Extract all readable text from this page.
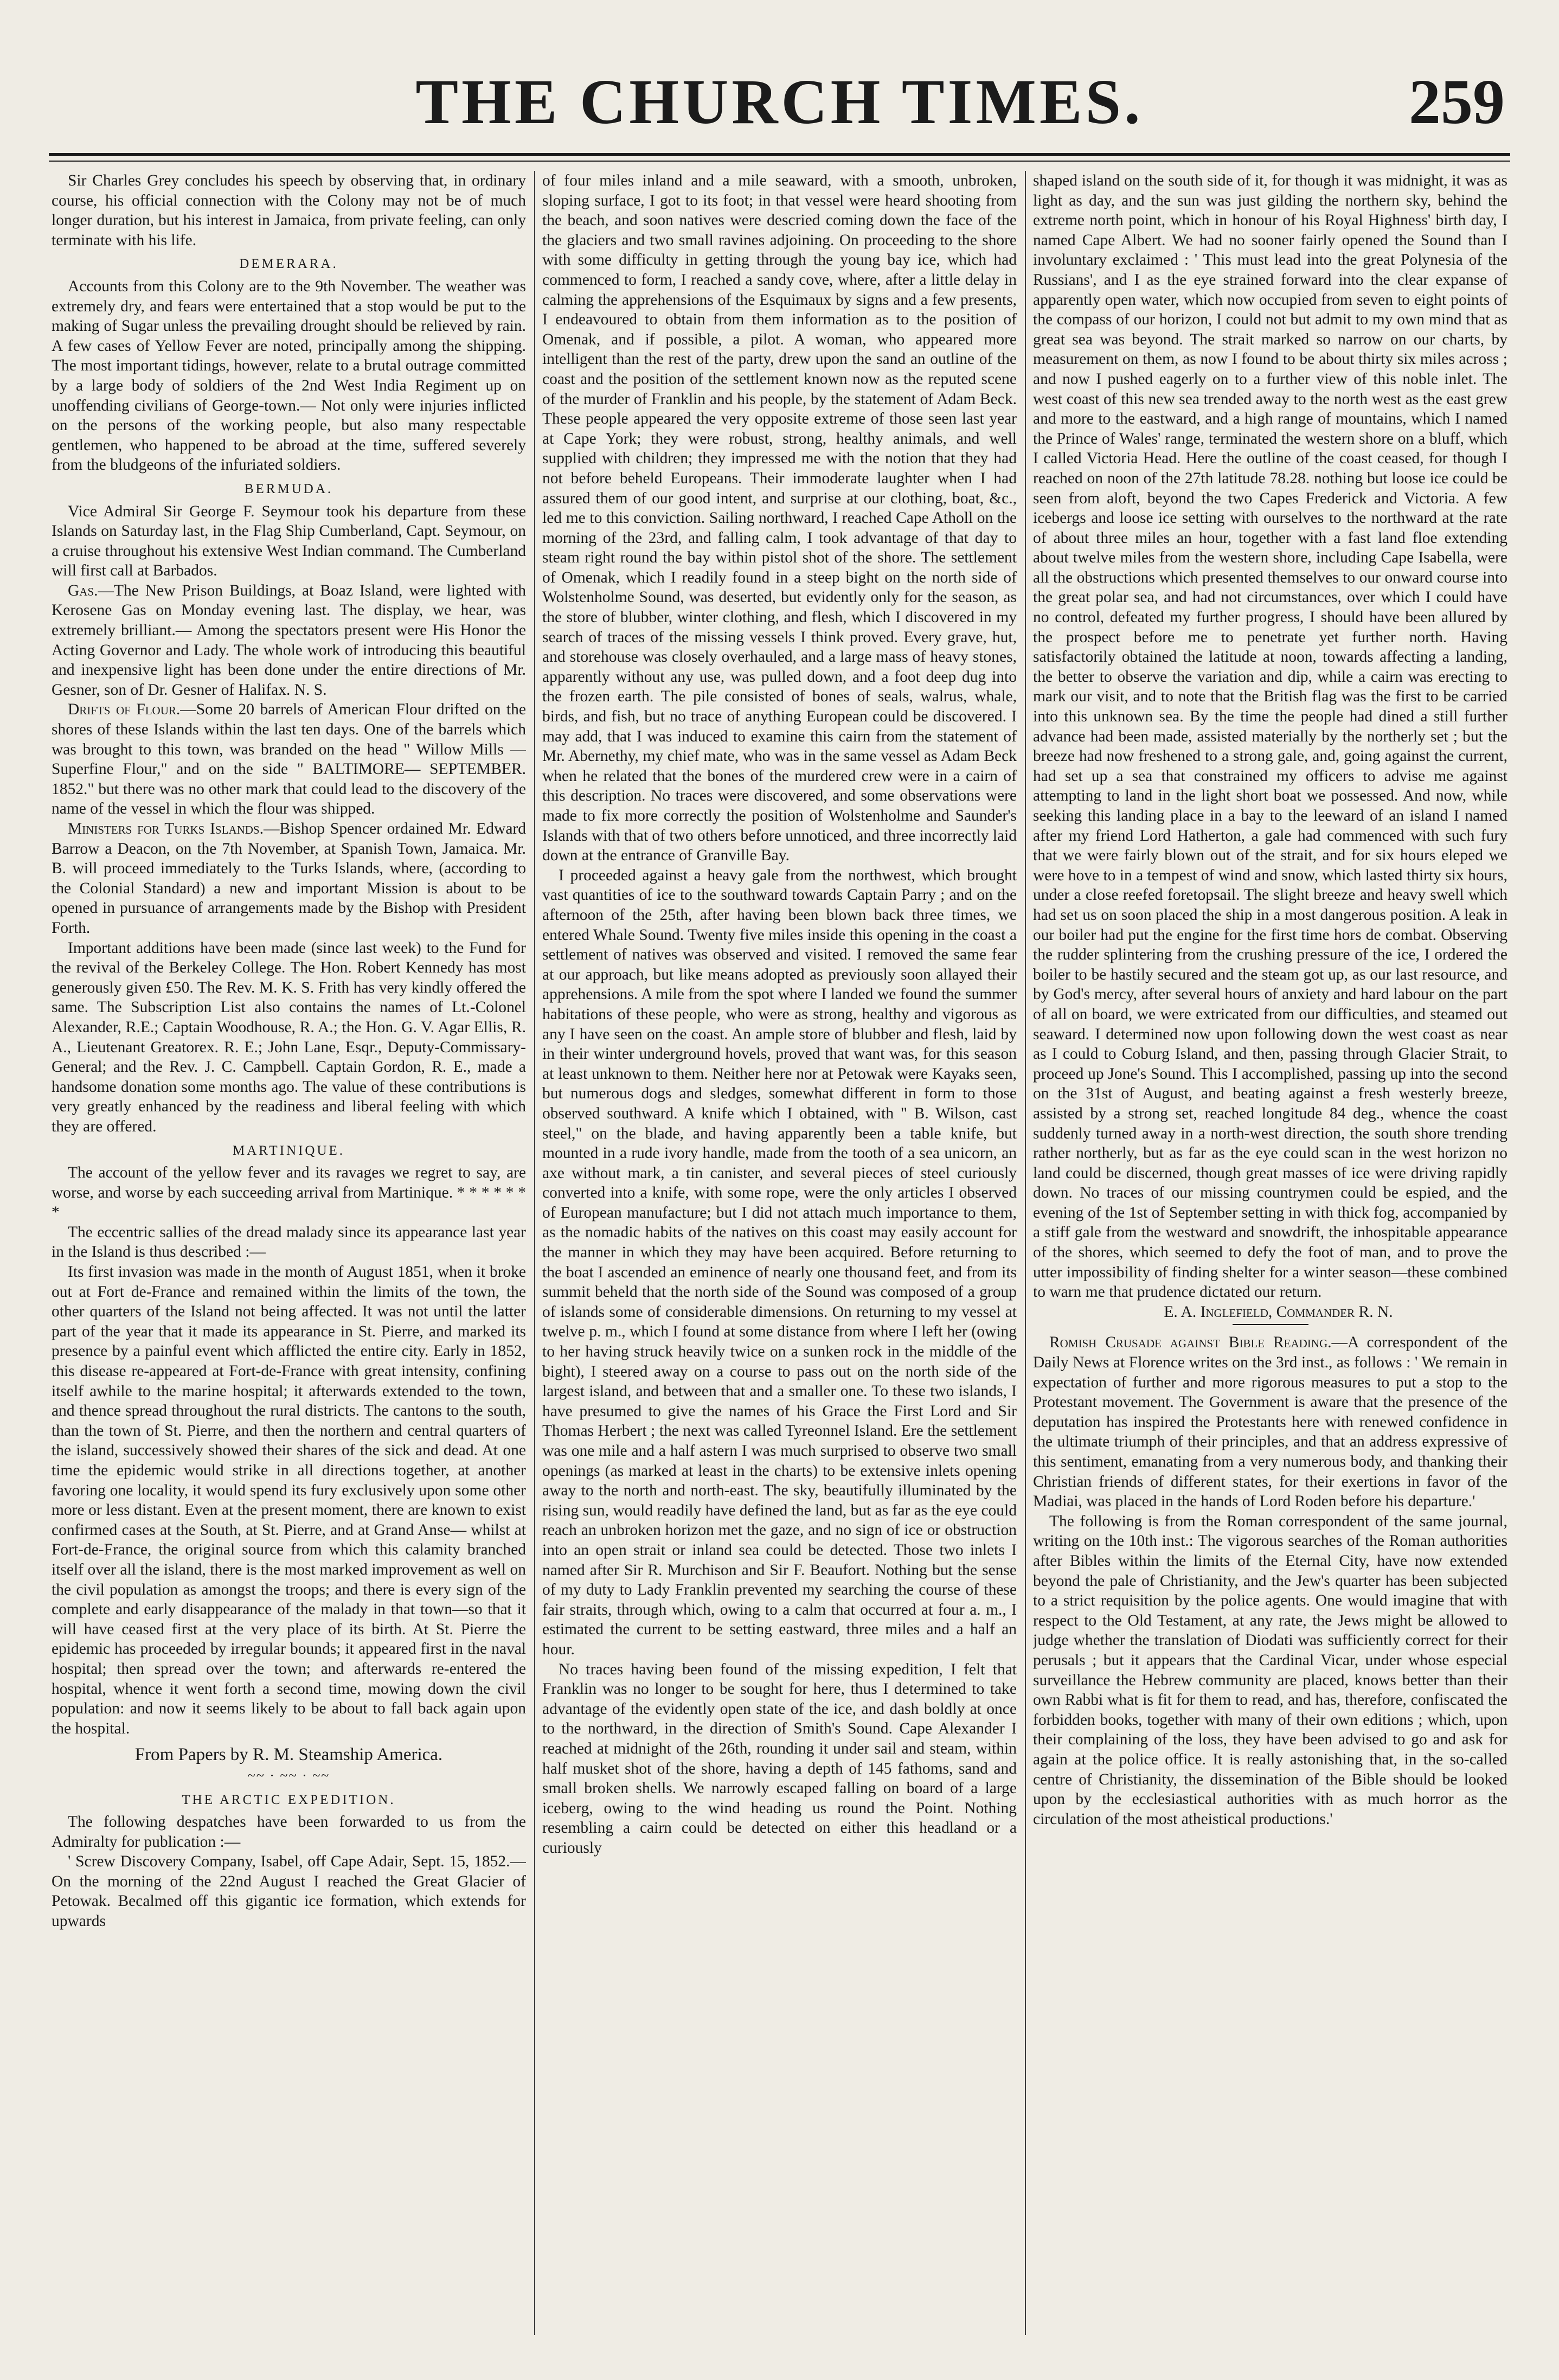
THE CHURCH TIMES.	259

Sir Charles Grey concludes his speech by observing that, in ordinary course, his official connection with the Colony may not be of much longer duration, but his interest in Jamaica, from private feeling, can only terminate with his life.

DEMERARA.

Accounts from this Colony are to the 9th November. The weather was extremely dry, and fears were entertained that a stop would be put to the making of Sugar unless the prevailing drought should be relieved by rain. A few cases of Yellow Fever are noted, principally among the shipping. The most important tidings, however, relate to a brutal outrage committed by a large body of soldiers of the 2nd West India Regiment up on unoffending civilians of George-town.— Not only were injuries inflicted on the persons of the working people, but also many respectable gentlemen, who happened to be abroad at the time, suffered severely from the bludgeons of the infuriated soldiers.

BERMUDA.

Vice Admiral Sir George F. Seymour took his departure from these Islands on Saturday last, in the Flag Ship Cumberland, Capt. Seymour, on a cruise throughout his extensive West Indian command. The Cumberland will first call at Barbados.

Gas.—The New Prison Buildings, at Boaz Island, were lighted with Kerosene Gas on Monday evening last. The display, we hear, was extremely brilliant.— Among the spectators present were His Honor the Acting Governor and Lady. The whole work of introducing this beautiful and inexpensive light has been done under the entire directions of Mr. Gesner, son of Dr. Gesner of Halifax. N. S.

Drifts of Flour.—Some 20 barrels of American Flour drifted on the shores of these Islands within the last ten days. One of the barrels which was brought to this town, was branded on the head " Willow Mills —Superfine Flour," and on the side " BALTIMORE— SEPTEMBER. 1852." but there was no other mark that could lead to the discovery of the name of the vessel in which the flour was shipped.

Ministers for Turks Islands.—Bishop Spencer ordained Mr. Edward Barrow a Deacon, on the 7th November, at Spanish Town, Jamaica. Mr. B. will proceed immediately to the Turks Islands, where, (according to the Colonial Standard) a new and important Mission is about to be opened in pursuance of arrangements made by the Bishop with President Forth.

Important additions have been made (since last week) to the Fund for the revival of the Berkeley College. The Hon. Robert Kennedy has most generously given £50. The Rev. M. K. S. Frith has very kindly offered the same. The Subscription List also contains the names of Lt.-Colonel Alexander, R.E.; Captain Woodhouse, R. A.; the Hon. G. V. Agar Ellis, R. A., Lieutenant Greatorex. R. E.; John Lane, Esqr., Deputy-Commissary-General; and the Rev. J. C. Campbell. Captain Gordon, R. E., made a handsome donation some months ago. The value of these contributions is very greatly enhanced by the readiness and liberal feeling with which they are offered.

MARTINIQUE.

The account of the yellow fever and its ravages we regret to say, are worse, and worse by each succeeding arrival from Martinique. * * * * * * *

The eccentric sallies of the dread malady since its appearance last year in the Island is thus described :—

Its first invasion was made in the month of August 1851, when it broke out at Fort de-France and remained within the limits of the town, the other quarters of the Island not being affected. It was not until the latter part of the year that it made its appearance in St. Pierre, and marked its presence by a painful event which afflicted the entire city. Early in 1852, this disease re-appeared at Fort-de-France with great intensity, confining itself awhile to the marine hospital; it afterwards extended to the town, and thence spread throughout the rural districts. The cantons to the south, than the town of St. Pierre, and then the northern and central quarters of the island, successively showed their shares of the sick and dead. At one time the epidemic would strike in all directions together, at another favoring one locality, it would spend its fury exclusively upon some other more or less distant. Even at the present moment, there are known to exist confirmed cases at the South, at St. Pierre, and at Grand Anse— whilst at Fort-de-France, the original source from which this calamity branched itself over all the island, there is the most marked improvement as well on the civil population as amongst the troops; and there is every sign of the complete and early disappearance of the malady in that town—so that it will have ceased first at the very place of its birth. At St. Pierre the epidemic has proceeded by irregular bounds; it appeared first in the naval hospital; then spread over the town; and afterwards re-entered the hospital, whence it went forth a second time, mowing down the civil population: and now it seems likely to be about to fall back again upon the hospital.

From Papers by R. M. Steamship America.

~~ · ~~ · ~~
THE ARCTIC EXPEDITION.

The following despatches have been forwarded to us from the Admiralty for publication :—

' Screw Discovery Company, Isabel, off Cape Adair, Sept. 15, 1852.—On the morning of the 22nd August I reached the Great Glacier of Petowak. Becalmed off this gigantic ice formation, which extends for upwards

of four miles inland and a mile seaward, with a smooth, unbroken, sloping surface, I got to its foot; in that vessel were heard shooting from the beach, and soon natives were descried coming down the face of the the glaciers and two small ravines adjoining. On proceeding to the shore with some difficulty in getting through the young bay ice, which had commenced to form, I reached a sandy cove, where, after a little delay in calming the apprehensions of the Esquimaux by signs and a few presents, I endeavoured to obtain from them information as to the position of Omenak, and if possible, a pilot. A woman, who appeared more intelligent than the rest of the party, drew upon the sand an outline of the coast and the position of the settlement known now as the reputed scene of the murder of Franklin and his people, by the statement of Adam Beck. These people appeared the very opposite extreme of those seen last year at Cape York; they were robust, strong, healthy animals, and well supplied with children; they impressed me with the notion that they had not before beheld Europeans. Their immoderate laughter when I had assured them of our good intent, and surprise at our clothing, boat, &c., led me to this conviction. Sailing northward, I reached Cape Atholl on the morning of the 23rd, and falling calm, I took advantage of that day to steam right round the bay within pistol shot of the shore. The settlement of Omenak, which I readily found in a steep bight on the north side of Wolstenholme Sound, was deserted, but evidently only for the season, as the store of blubber, winter clothing, and flesh, which I discovered in my search of traces of the missing vessels I think proved. Every grave, hut, and storehouse was closely overhauled, and a large mass of heavy stones, apparently without any use, was pulled down, and a foot deep dug into the frozen earth. The pile consisted of bones of seals, walrus, whale, birds, and fish, but no trace of anything European could be discovered. I may add, that I was induced to examine this cairn from the statement of Mr. Abernethy, my chief mate, who was in the same vessel as Adam Beck when he related that the bones of the murdered crew were in a cairn of this description. No traces were discovered, and some observations were made to fix more correctly the position of Wolstenholme and Saunder's Islands with that of two others before unnoticed, and three incorrectly laid down at the entrance of Granville Bay.

I proceeded against a heavy gale from the northwest, which brought vast quantities of ice to the southward towards Captain Parry ; and on the afternoon of the 25th, after having been blown back three times, we entered Whale Sound. Twenty five miles inside this opening in the coast a settlement of natives was observed and visited. I removed the same fear at our approach, but like means adopted as previously soon allayed their apprehensions. A mile from the spot where I landed we found the summer habitations of these people, who were as strong, healthy and vigorous as any I have seen on the coast. An ample store of blubber and flesh, laid by in their winter underground hovels, proved that want was, for this season at least unknown to them. Neither here nor at Petowak were Kayaks seen, but numerous dogs and sledges, somewhat different in form to those observed southward. A knife which I obtained, with " B. Wilson, cast steel," on the blade, and having apparently been a table knife, but mounted in a rude ivory handle, made from the tooth of a sea unicorn, an axe without mark, a tin canister, and several pieces of steel curiously converted into a knife, with some rope, were the only articles I observed of European manufacture; but I did not attach much importance to them, as the nomadic habits of the natives on this coast may easily account for the manner in which they may have been acquired. Before returning to the boat I ascended an eminence of nearly one thousand feet, and from its summit beheld that the north side of the Sound was composed of a group of islands some of considerable dimensions. On returning to my vessel at twelve p. m., which I found at some distance from where I left her (owing to her having struck heavily twice on a sunken rock in the middle of the bight), I steered away on a course to pass out on the north side of the largest island, and between that and a smaller one. To these two islands, I have presumed to give the names of his Grace the First Lord and Sir Thomas Herbert ; the next was called Tyreonnel Island. Ere the settlement was one mile and a half astern I was much surprised to observe two small openings (as marked at least in the charts) to be extensive inlets opening away to the north and north-east. The sky, beautifully illuminated by the rising sun, would readily have defined the land, but as far as the eye could reach an unbroken horizon met the gaze, and no sign of ice or obstruction into an open strait or inland sea could be detected. Those two inlets I named after Sir R. Murchison and Sir F. Beaufort. Nothing but the sense of my duty to Lady Franklin prevented my searching the course of these fair straits, through which, owing to a calm that occurred at four a. m., I estimated the current to be setting eastward, three miles and a half an hour.

No traces having been found of the missing expedition, I felt that Franklin was no longer to be sought for here, thus I determined to take advantage of the evidently open state of the ice, and dash boldly at once to the northward, in the direction of Smith's Sound. Cape Alexander I reached at midnight of the 26th, rounding it under sail and steam, within half musket shot of the shore, having a depth of 145 fathoms, sand and small broken shells. We narrowly escaped falling on board of a large iceberg, owing to the wind heading us round the Point. Nothing resembling a cairn could be detected on either this headland or a curiously

shaped island on the south side of it, for though it was midnight, it was as light as day, and the sun was just gilding the northern sky, behind the extreme north point, which in honour of his Royal Highness' birth day, I named Cape Albert. We had no sooner fairly opened the Sound than I involuntary exclaimed : ' This must lead into the great Polynesia of the Russians', and I as the eye strained forward into the clear expanse of apparently open water, which now occupied from seven to eight points of the compass of our horizon, I could not but admit to my own mind that as great sea was beyond. The strait marked so narrow on our charts, by measurement on them, as now I found to be about thirty six miles across ; and now I pushed eagerly on to a further view of this noble inlet. The west coast of this new sea trended away to the north west as the east grew and more to the eastward, and a high range of mountains, which I named the Prince of Wales' range, terminated the western shore on a bluff, which I called Victoria Head. Here the outline of the coast ceased, for though I reached on noon of the 27th latitude 78.28. nothing but loose ice could be seen from aloft, beyond the two Capes Frederick and Victoria. A few icebergs and loose ice setting with ourselves to the northward at the rate of about three miles an hour, together with a fast land floe extending about twelve miles from the western shore, including Cape Isabella, were all the obstructions which presented themselves to our onward course into the great polar sea, and had not circumstances, over which I could have no control, defeated my further progress, I should have been allured by the prospect before me to penetrate yet further north. Having satisfactorily obtained the latitude at noon, towards affecting a landing, the better to observe the variation and dip, while a cairn was erecting to mark our visit, and to note that the British flag was the first to be carried into this unknown sea. By the time the people had dined a still further advance had been made, assisted materially by the northerly set ; but the breeze had now freshened to a strong gale, and, going against the current, had set up a sea that constrained my officers to advise me against attempting to land in the light short boat we possessed. And now, while seeking this landing place in a bay to the leeward of an island I named after my friend Lord Hatherton, a gale had commenced with such fury that we were fairly blown out of the strait, and for six hours eleped we were hove to in a tempest of wind and snow, which lasted thirty six hours, under a close reefed foretopsail. The slight breeze and heavy swell which had set us on soon placed the ship in a most dangerous position. A leak in our boiler had put the engine for the first time hors de combat. Observing the rudder splintering from the crushing pressure of the ice, I ordered the boiler to be hastily secured and the steam got up, as our last resource, and by God's mercy, after several hours of anxiety and hard labour on the part of all on board, we were extricated from our difficulties, and steamed out seaward. I determined now upon following down the west coast as near as I could to Coburg Island, and then, passing through Glacier Strait, to proceed up Jone's Sound. This I accomplished, passing up into the second on the 31st of August, and beating against a fresh westerly breeze, assisted by a strong set, reached longitude 84 deg., whence the coast suddenly turned away in a north-west direction, the south shore trending rather northerly, but as far as the eye could scan in the west horizon no land could be discerned, though great masses of ice were driving rapidly down. No traces of our missing countrymen could be espied, and the evening of the 1st of September setting in with thick fog, accompanied by a stiff gale from the westward and snowdrift, the inhospitable appearance of the shores, which seemed to defy the foot of man, and to prove the utter impossibility of finding shelter for a winter season—these combined to warn me that prudence dictated our return.

E. A. Inglefield, Commander R. N.

Romish Crusade against Bible Reading.—A correspondent of the Daily News at Florence writes on the 3rd inst., as follows : ' We remain in expectation of further and more rigorous measures to put a stop to the Protestant movement. The Government is aware that the presence of the deputation has inspired the Protestants here with renewed confidence in the ultimate triumph of their principles, and that an address expressive of this sentiment, emanating from a very numerous body, and thanking their Christian friends of different states, for their exertions in favor of the Madiai, was placed in the hands of Lord Roden before his departure.'

The following is from the Roman correspondent of the same journal, writing on the 10th inst.: The vigorous searches of the Roman authorities after Bibles within the limits of the Eternal City, have now extended beyond the pale of Christianity, and the Jew's quarter has been subjected to a strict requisition by the police agents. One would imagine that with respect to the Old Testament, at any rate, the Jews might be allowed to judge whether the translation of Diodati was sufficiently correct for their perusals ; but it appears that the Cardinal Vicar, under whose especial surveillance the Hebrew community are placed, knows better than their own Rabbi what is fit for them to read, and has, therefore, confiscated the forbidden books, together with many of their own editions ; which, upon their complaining of the loss, they have been advised to go and ask for again at the police office. It is really astonishing that, in the so-called centre of Christianity, the dissemination of the Bible should be looked upon by the ecclesiastical authorities with as much horror as the circulation of the most atheistical productions.'
